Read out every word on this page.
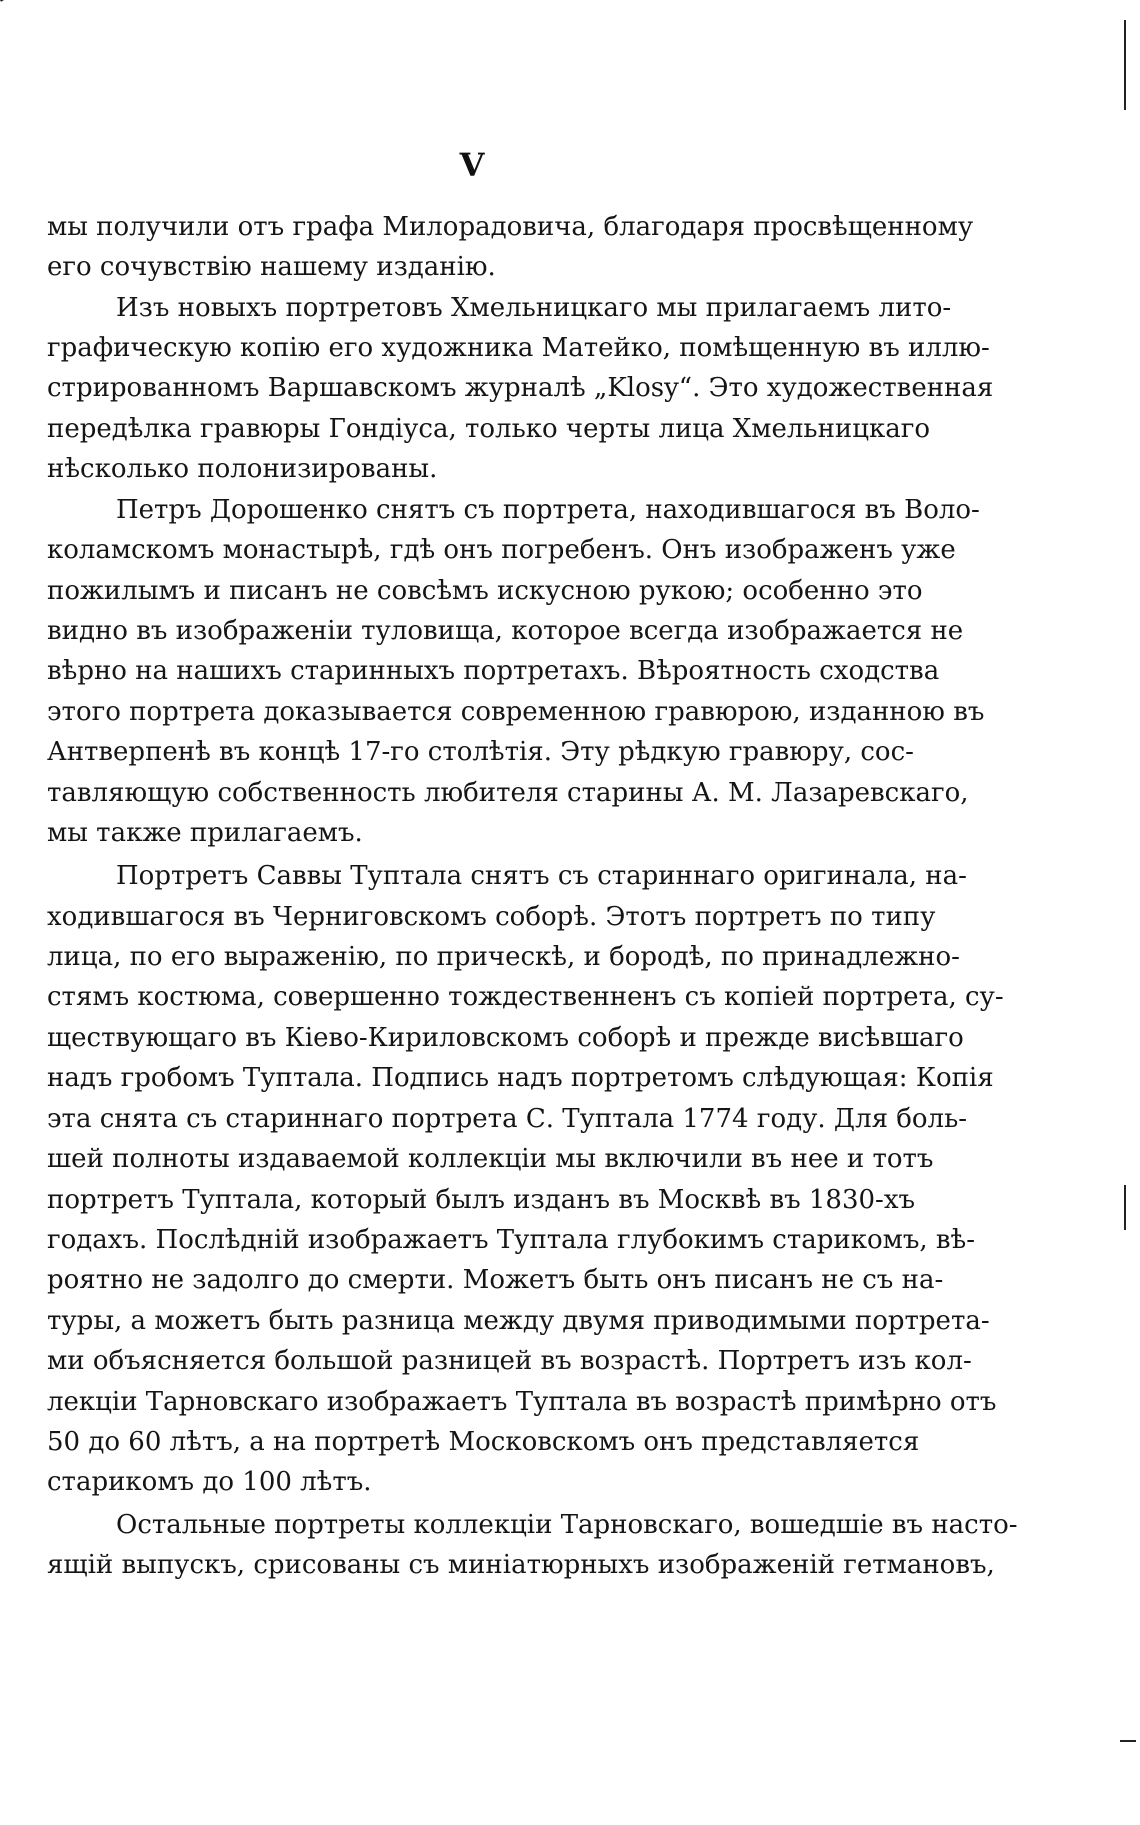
V
мы получили отъ графа Милорадовича, благодаря просвѣщенному
его сочувствію нашему изданію.
Изъ новыхъ портретовъ Хмельницкаго мы прилагаемъ лито-
графическую копію его художника Матейко, помѣщенную въ иллю-
стрированномъ Варшавскомъ журналѣ „Klosy“. Это художественная
передѣлка гравюры Гондіуса, только черты лица Хмельницкаго
нѣсколько полонизированы.
Петръ Дорошенко снятъ съ портрета, находившагося въ Воло-
коламскомъ монастырѣ, гдѣ онъ погребенъ. Онъ изображенъ уже
пожилымъ и писанъ не совсѣмъ искусною рукою; особенно это
видно въ изображеніи туловища, которое всегда изображается не
вѣрно на нашихъ старинныхъ портретахъ. Вѣроятность сходства
этого портрета доказывается современною гравюрою, изданною въ
Антверпенѣ въ концѣ 17-го столѣтія. Эту рѣдкую гравюру, сос-
тавляющую собственность любителя старины А. М. Лазаревскаго,
мы также прилагаемъ.
Портретъ Саввы Туптала снятъ съ стариннаго оригинала, на-
ходившагося въ Черниговскомъ соборѣ. Этотъ портретъ по типу
лица, по его выраженію, по прическѣ, и бородѣ, по принадлежно-
стямъ костюма, совершенно тождественненъ съ копіей портрета, су-
ществующаго въ Кіево-Кириловскомъ соборѣ и прежде висѣвшаго
надъ гробомъ Туптала. Подпись надъ портретомъ слѣдующая: Копія
эта снята съ стариннаго портрета С. Туптала 1774 году. Для боль-
шей полноты издаваемой коллекціи мы включили въ нее и тотъ
портретъ Туптала, который былъ изданъ въ Москвѣ въ 1830-хъ
годахъ. Послѣдній изображаетъ Туптала глубокимъ старикомъ, вѣ-
роятно не задолго до смерти. Можетъ быть онъ писанъ не съ на-
туры, а можетъ быть разница между двумя приводимыми портрета-
ми объясняется большой разницей въ возрастѣ. Портретъ изъ кол-
лекціи Тарновскаго изображаетъ Туптала въ возрастѣ примѣрно отъ
50 до 60 лѣтъ, а на портретѣ Московскомъ онъ представляется
старикомъ до 100 лѣтъ.
Остальные портреты коллекціи Тарновскаго, вошедшіе въ насто-
ящій выпускъ, срисованы съ миніатюрныхъ изображеній гетмановъ,
